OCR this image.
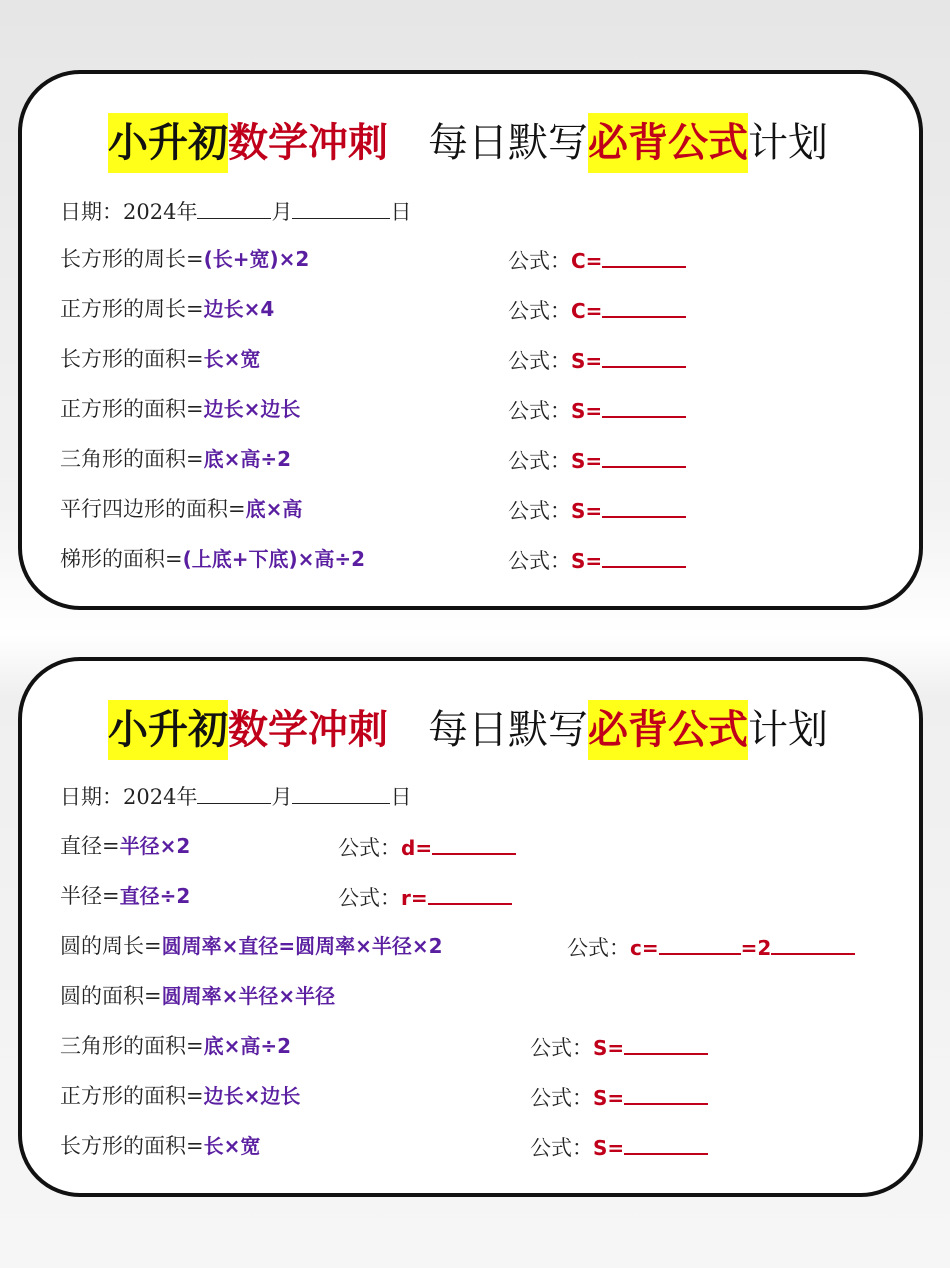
小升初 数学冲刺 每日默写 必背公式 计划
日期：2024年	月	日
长方形的周长=(长+宽)×2	公式：C=
正方形的周长=边长×4	公式：C=
长方形的面积=长×宽	公式：S=
正方形的面积=边长×边长	公式：S=
三角形的面积=底×高÷2	公式：S=
平行四边形的面积=底×高	公式：S=
梯形的面积=(上底+下底)×高÷2	公式：S=
小升初 数学冲刺 每日默写 必背公式 计划
日期：2024年	月	日
直径=半径×2	公式：d=
半径=直径÷2	公式：r=
圆的周长=圆周率×直径=圆周率×半径×2	公式：c=	=2
圆的面积=圆周率×半径×半径
三角形的面积=底×高÷2	公式：S=
正方形的面积=边长×边长	公式：S=
长方形的面积=长×宽	公式：S=
